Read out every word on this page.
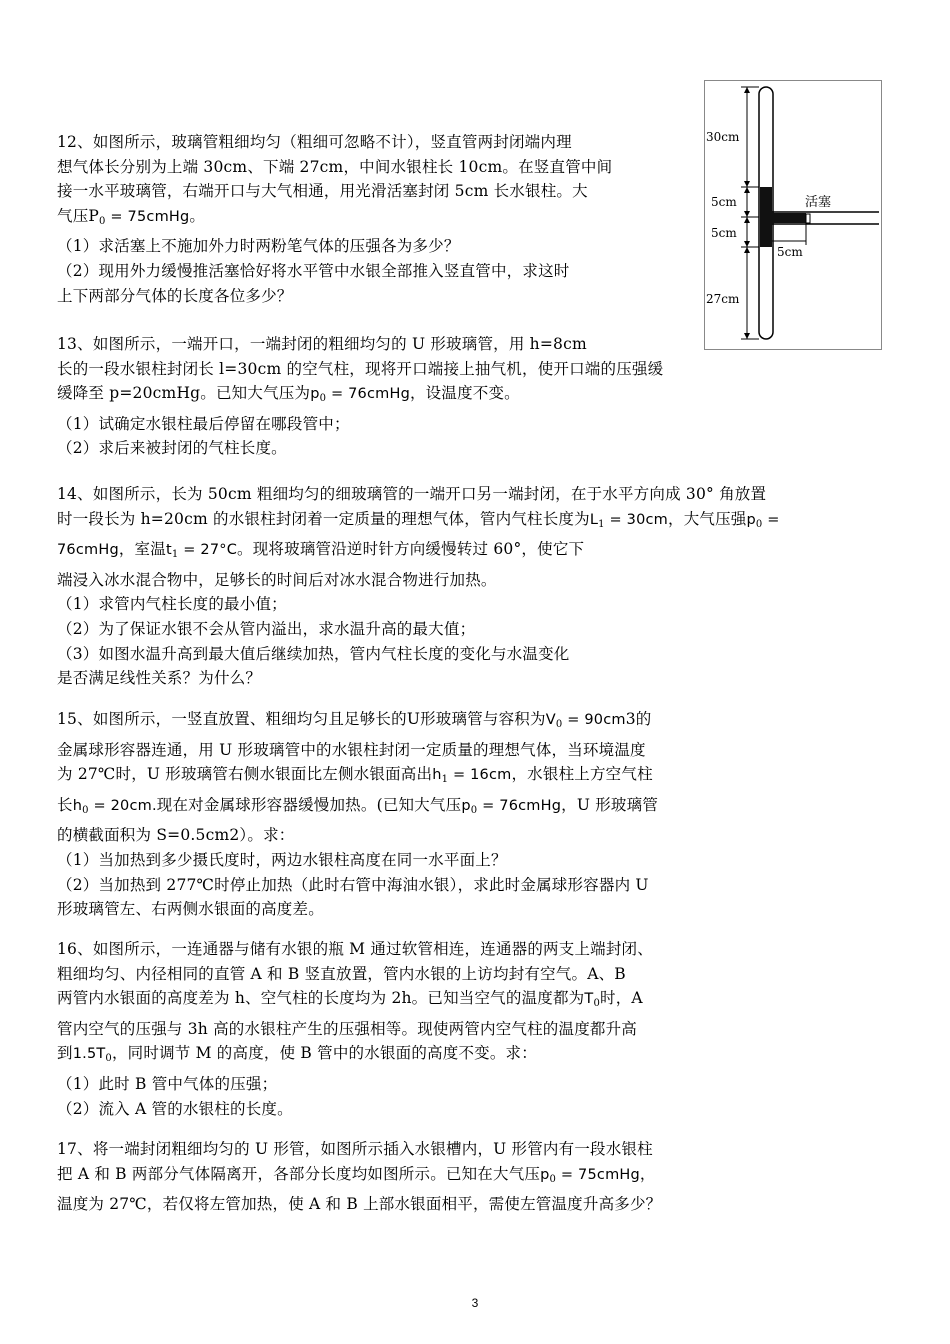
12、如图所示，玻璃管粗细均匀（粗细可忽略不计），竖直管两封闭端内理

想气体长分别为上端 30cm、下端 27cm，中间水银柱长 10cm。在竖直管中间

接一水平玻璃管，右端开口与大气相通，用光滑活塞封闭 5cm 长水银柱。大

气压$P_0$ = 75cmHg。

（1）求活塞上不施加外力时两粉笔气体的压强各为多少？

（2）现用外力缓慢推活塞恰好将水平管中水银全部推入竖直管中，求这时

上下两部分气体的长度各位多少？

30cm
5cm
5cm
5cm
27cm
活塞

13、如图所示，一端开口，一端封闭的粗细均匀的 U 形玻璃管，用 h=8cm

长的一段水银柱封闭长 l=30cm 的空气柱，现将开口端接上抽气机，使开口端的压强缓

缓降至 p=20cmHg。已知大气压为$p_0$ = 76cmHg，设温度不变。

（1）试确定水银柱最后停留在哪段管中；

（2）求后来被封闭的气柱长度。

14、如图所示，长为 50cm 粗细均匀的细玻璃管的一端开口另一端封闭，在于水平方向成 30° 角放置

时一段长为 h=20cm 的水银柱封闭着一定质量的理想气体，管内气柱长度为$L_1 = 30cm$，大气压强$p_0$ =

76cmHg，室温$t_1 = 27^\circ C$。现将玻璃管沿逆时针方向缓慢转过 60°，使它下

端浸入冰水混合物中，足够长的时间后对冰水混合物进行加热。

（1）求管内气柱长度的最小值；

（2）为了保证水银不会从管内溢出，求水温升高的最大值；

（3）如图水温升高到最大值后继续加热，管内气柱长度的变化与水温变化

是否满足线性关系？为什么？

15、如图所示，一竖直放置、粗细均匀且足够长的U形玻璃管与容积为$V_0 = 90cm3$的

金属球形容器连通，用 U 形玻璃管中的水银柱封闭一定质量的理想气体，当环境温度

为 27℃时，U 形玻璃管右侧水银面比左侧水银面高出$h_1 = 16cm$，水银柱上方空气柱

长$h_0 = 20cm$.现在对金属球形容器缓慢加热。(已知大气压$p_0$ = 76cmHg，U 形玻璃管

的横截面积为 S=0.5cm2）。求：

（1）当加热到多少摄氏度时，两边水银柱高度在同一水平面上？

（2）当加热到 277℃时停止加热（此时右管中海油水银），求此时金属球形容器内 U

形玻璃管左、右两侧水银面的高度差。

16、如图所示，一连通器与储有水银的瓶 M 通过软管相连，连通器的两支上端封闭、

粗细均匀、内径相同的直管 A 和 B 竖直放置，管内水银的上访均封有空气。A、B

两管内水银面的高度差为 h、空气柱的长度均为 2h。已知当空气的温度都为$T_0$时，A

管内空气的压强与 3h 高的水银柱产生的压强相等。现使两管内空气柱的温度都升高

到$1.5T_0$，同时调节 M 的高度，使 B 管中的水银面的高度不变。求：

（1）此时 B 管中气体的压强；

（2）流入 A 管的水银柱的长度。

17、将一端封闭粗细均匀的 U 形管，如图所示插入水银槽内，U 形管内有一段水银柱

把 A 和 B 两部分气体隔离开，各部分长度均如图所示。已知在大气压$p_0$ = 75cmHg，

温度为 27℃，若仅将左管加热，使 A 和 B 上部水银面相平，需使左管温度升高多少？

3
